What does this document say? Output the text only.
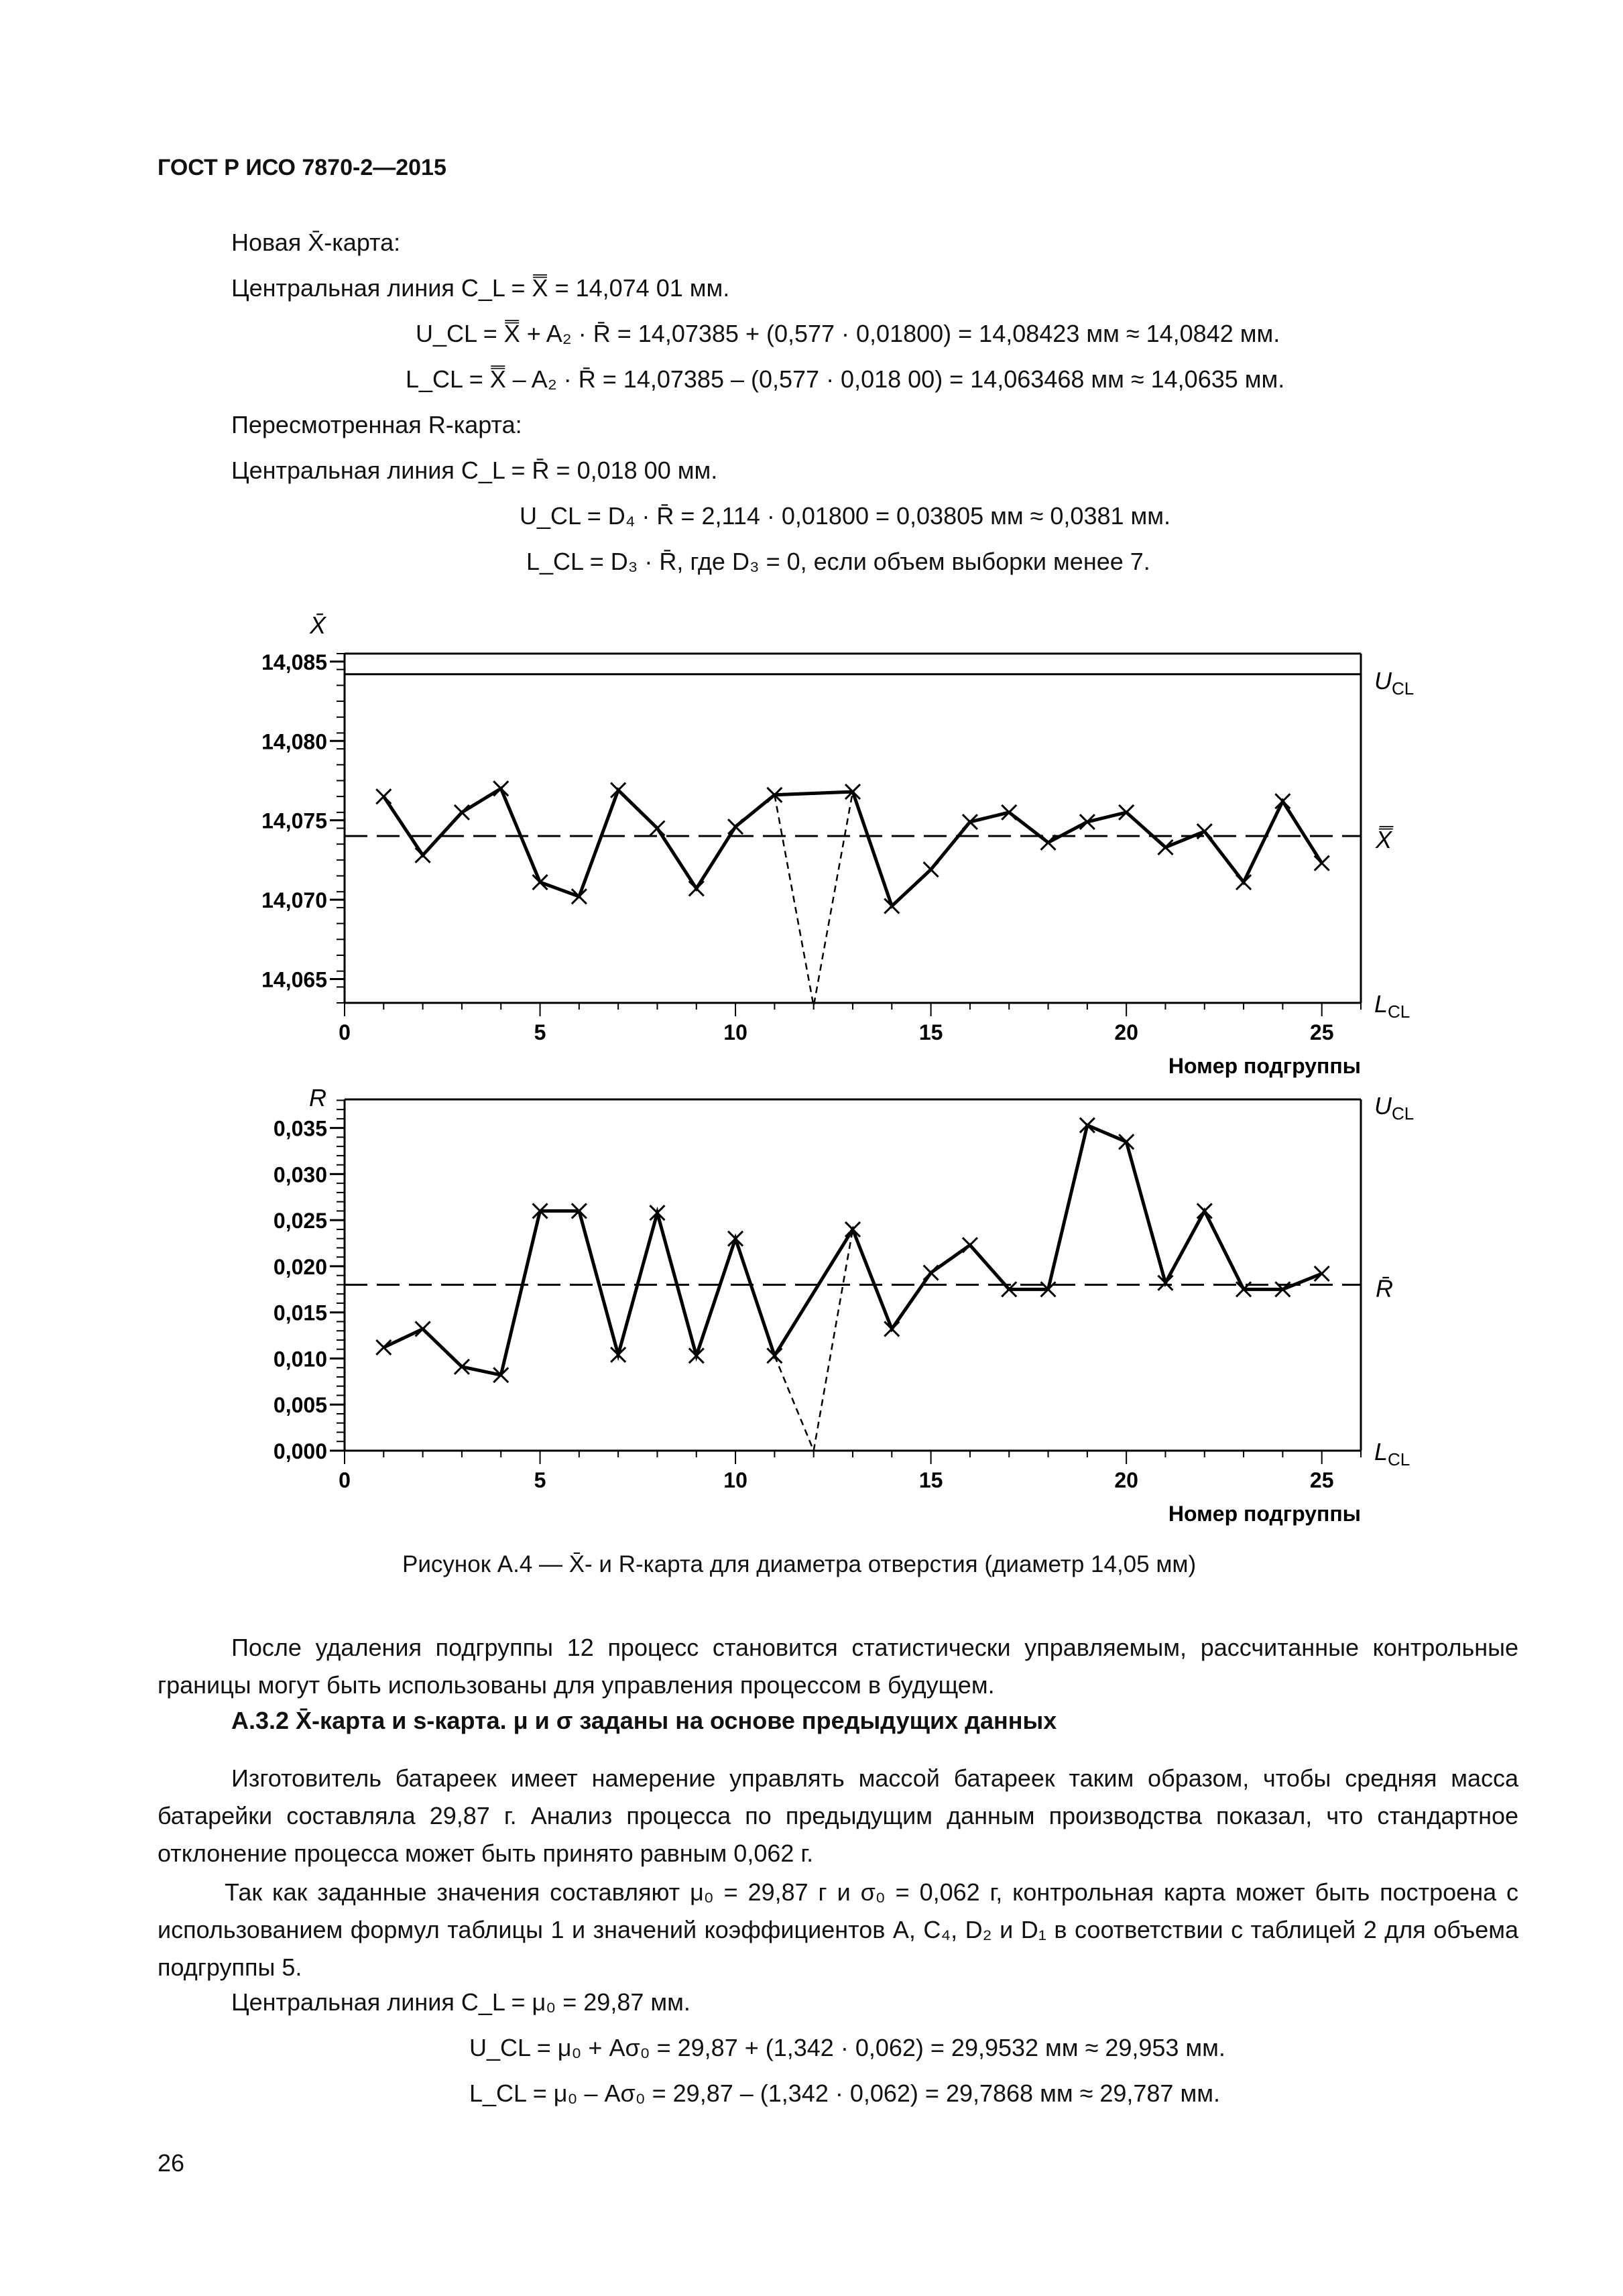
ГОСТ Р ИСО 7870-2—2015
Новая X̄-карта:
Центральная линия C_L = X̿ = 14,074 01 мм.
U_CL = X̿ + A₂ · R̄ = 14,07385 + (0,577 · 0,01800) = 14,08423 мм ≈ 14,0842 мм.
L_CL = X̿ – A₂ · R̄ = 14,07385 – (0,577 · 0,018 00) = 14,063468 мм ≈ 14,0635 мм.
Пересмотренная R-карта:
Центральная линия C_L = R̄ = 0,018 00 мм.
U_CL = D₄ · R̄ = 2,114 · 0,01800 = 0,03805 мм ≈ 0,0381 мм.
L_CL = D₃ · R̄, где D₃ = 0, если объем выборки менее 7.
14,065
14,070
14,075
14,080
14,085
0	5	10	15	20	25
Номер подгруппы
X̄
$U_{CL}$
X̿
$L_{CL}$
0,000
0,005
0,010
0,015
0,020
0,025
0,030
0,035
0	5	10	15	20	25
Номер подгруппы
R	$U_{CL}$
R̄
$L_{CL}$
Рисунок А.4 — X̄- и R-карта для диаметра отверстия (диаметр 14,05 мм)
После удаления подгруппы 12 процесс становится статистически управляемым, рассчитанные контрольные границы могут быть использованы для управления процессом в будущем.
А.3.2 X̄-карта и s-карта. μ и σ заданы на основе предыдущих данных
Изготовитель батареек имеет намерение управлять массой батареек таким образом, чтобы средняя масса батарейки составляла 29,87 г. Анализ процесса по предыдущим данным производства показал, что стандартное отклонение процесса может быть принято равным 0,062 г.
Так как заданные значения составляют μ₀ = 29,87 г и σ₀ = 0,062 г, контрольная карта может быть построена с использованием формул таблицы 1 и значений коэффициентов A, C₄, D₂ и D₁ в соответствии с таблицей 2 для объема подгруппы 5.
Центральная линия C_L = μ₀ = 29,87 мм.
U_CL = μ₀ + Aσ₀ = 29,87 + (1,342 · 0,062) = 29,9532 мм ≈ 29,953 мм.
L_CL = μ₀ – Aσ₀ = 29,87 – (1,342 · 0,062) = 29,7868 мм ≈ 29,787 мм.
26
